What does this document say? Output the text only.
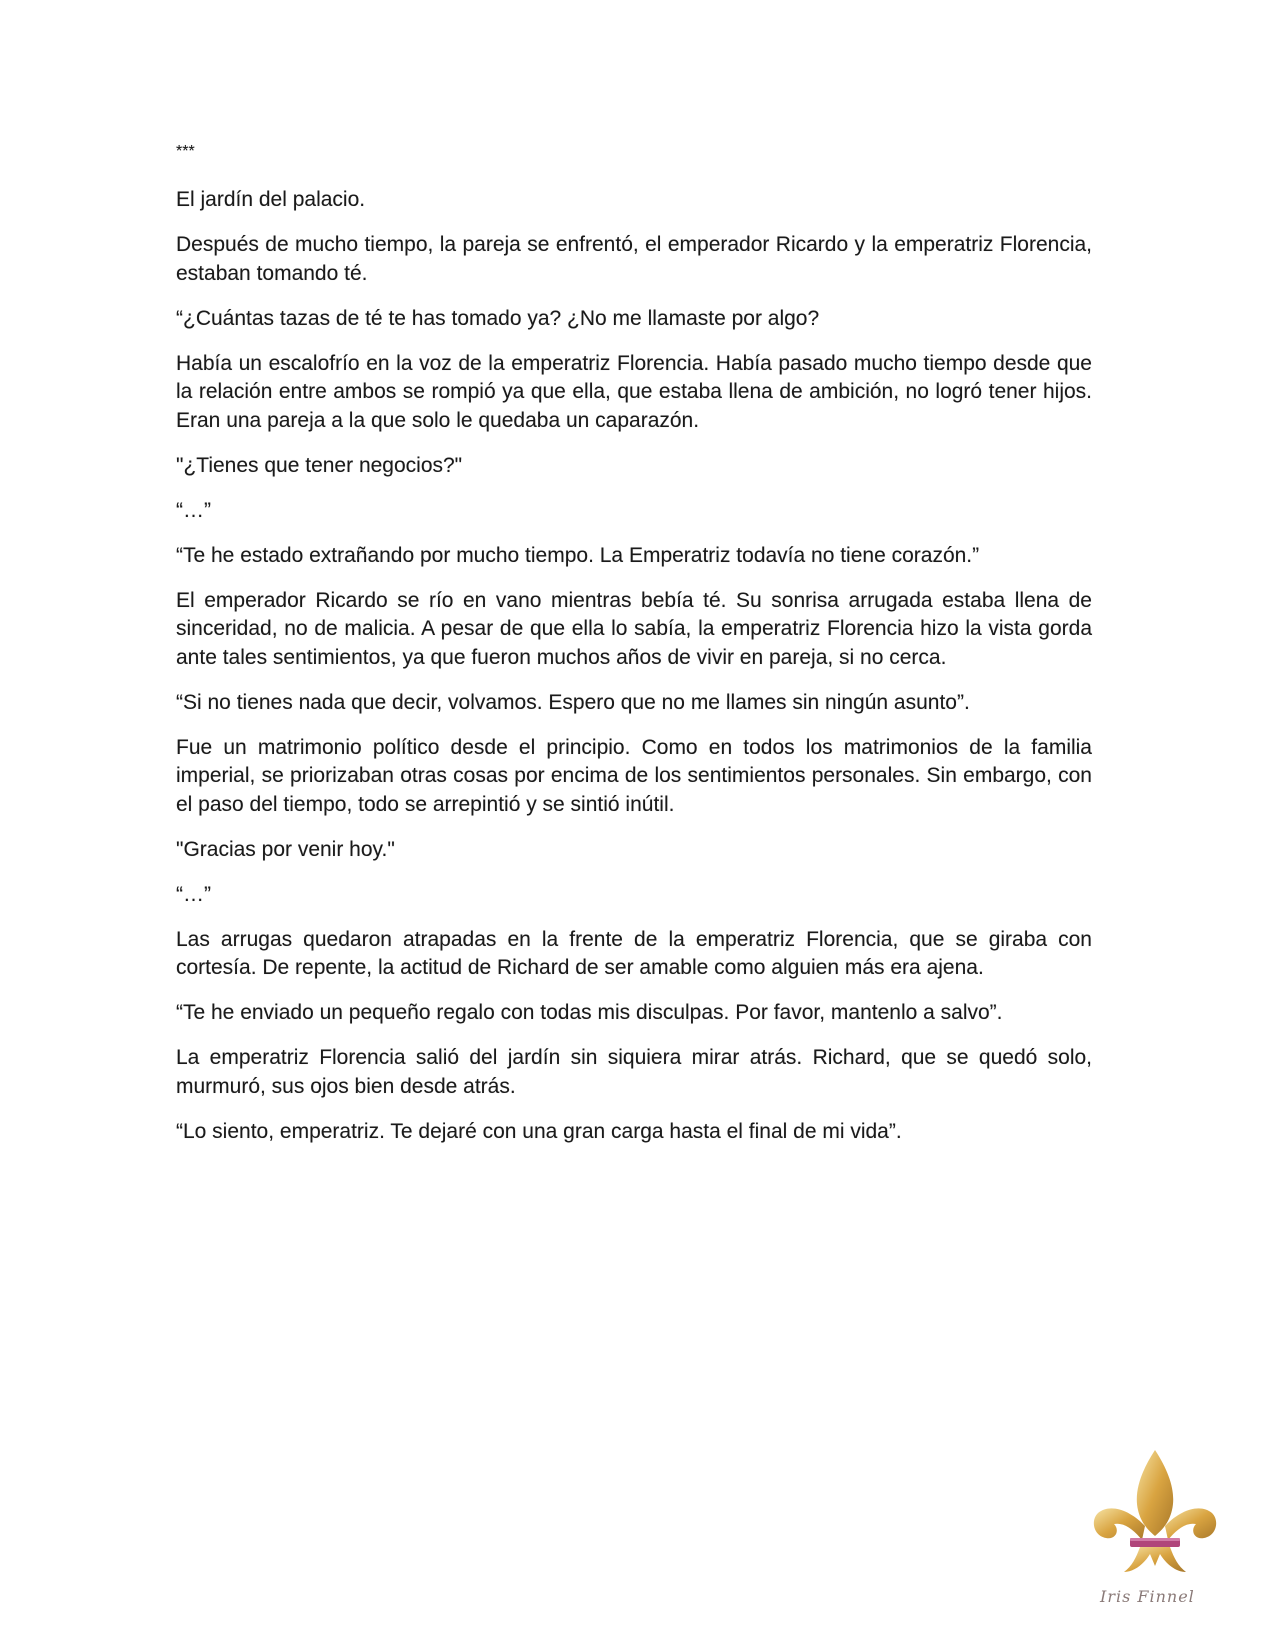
***

El jardín del palacio.

Después de mucho tiempo, la pareja se enfrentó, el emperador Ricardo y la emperatriz Florencia, estaban tomando té.

“¿Cuántas tazas de té te has tomado ya? ¿No me llamaste por algo?

Había un escalofrío en la voz de la emperatriz Florencia. Había pasado mucho tiempo desde que la relación entre ambos se rompió ya que ella, que estaba llena de ambición, no logró tener hijos. Eran una pareja a la que solo le quedaba un caparazón.

"¿Tienes que tener negocios?"

“…”

“Te he estado extrañando por mucho tiempo. La Emperatriz todavía no tiene corazón.”

El emperador Ricardo se río en vano mientras bebía té. Su sonrisa arrugada estaba llena de sinceridad, no de malicia. A pesar de que ella lo sabía, la emperatriz Florencia hizo la vista gorda ante tales sentimientos, ya que fueron muchos años de vivir en pareja, si no cerca.

“Si no tienes nada que decir, volvamos. Espero que no me llames sin ningún asunto”.

Fue un matrimonio político desde el principio. Como en todos los matrimonios de la familia imperial, se priorizaban otras cosas por encima de los sentimientos personales. Sin embargo, con el paso del tiempo, todo se arrepintió y se sintió inútil.

"Gracias por venir hoy."

“…”

Las arrugas quedaron atrapadas en la frente de la emperatriz Florencia, que se giraba con cortesía. De repente, la actitud de Richard de ser amable como alguien más era ajena.

“Te he enviado un pequeño regalo con todas mis disculpas. Por favor, mantenlo a salvo”.

La emperatriz Florencia salió del jardín sin siquiera mirar atrás. Richard, que se quedó solo, murmuró, sus ojos bien desde atrás.

“Lo siento, emperatriz. Te dejaré con una gran carga hasta el final de mi vida”.

Iris Finnel
